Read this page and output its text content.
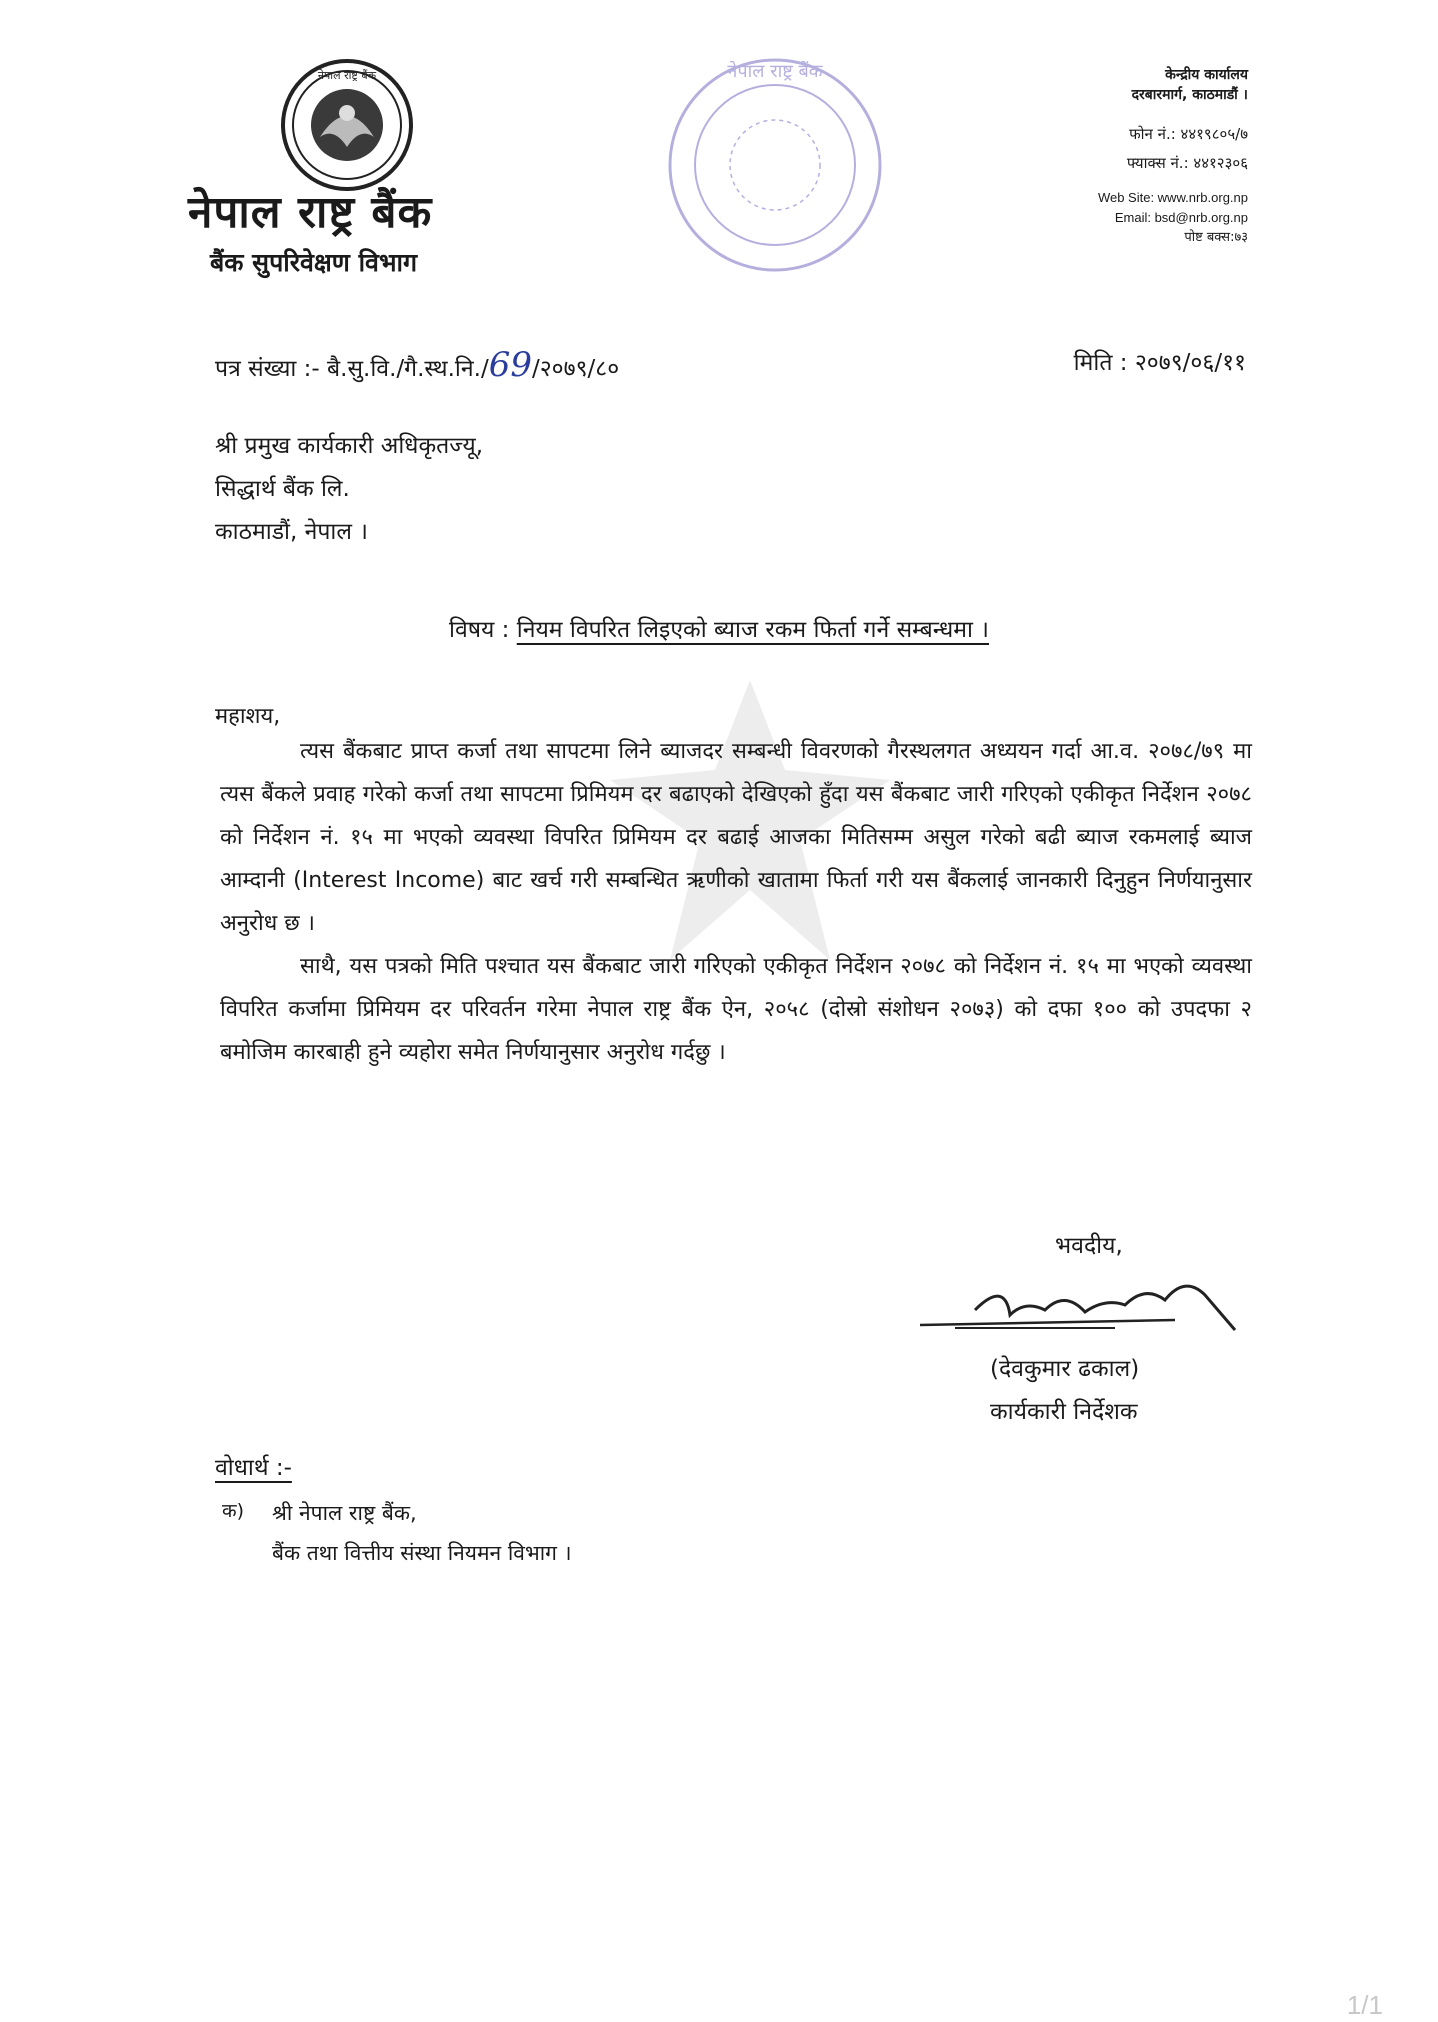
नेपाल राष्ट्र बैंक	नेपाल राष्ट्र बैंक
नेपाल राष्ट्र बैंक
बैंक सुपरिवेक्षण विभाग
केन्द्रीय कार्यालय
दरबारमार्ग, काठमाडौं ।
फोन नं.: ४४१९८०५/७
फ्याक्स नं.: ४४१२३०६
Web Site: www.nrb.org.np
Email: bsd@nrb.org.np
पोष्ट बक्स:७३
पत्र संख्या :- बै.सु.वि./गै.स्थ.नि./69/२०७९/८०	मिति : २०७९/०६/११
श्री प्रमुख कार्यकारी अधिकृतज्यू,
सिद्धार्थ बैंक लि.
काठमाडौं, नेपाल ।
विषय : नियम विपरित लिइएको ब्याज रकम फिर्ता गर्ने सम्बन्धमा ।
महाशय,

त्यस बैंकबाट प्राप्त कर्जा तथा सापटमा लिने ब्याजदर सम्बन्धी विवरणको गैरस्थलगत अध्ययन गर्दा आ.व. २०७८/७९ मा त्यस बैंकले प्रवाह गरेको कर्जा तथा सापटमा प्रिमियम दर बढाएको देखिएको हुँदा यस बैंकबाट जारी गरिएको एकीकृत निर्देशन २०७८ को निर्देशन नं. १५ मा भएको व्यवस्था विपरित प्रिमियम दर बढाई आजका मितिसम्म असुल गरेको बढी ब्याज रकमलाई ब्याज आम्दानी (Interest Income) बाट खर्च गरी सम्बन्धित ऋणीको खातामा फिर्ता गरी यस बैंकलाई जानकारी दिनुहुन निर्णयानुसार अनुरोध छ ।

साथै, यस पत्रको मिति पश्चात यस बैंकबाट जारी गरिएको एकीकृत निर्देशन २०७८ को निर्देशन नं. १५ मा भएको व्यवस्था विपरित कर्जामा प्रिमियम दर परिवर्तन गरेमा नेपाल राष्ट्र बैंक ऐन, २०५८ (दोस्रो संशोधन २०७३) को दफा १०० को उपदफा २ बमोजिम कारबाही हुने व्यहोरा समेत निर्णयानुसार अनुरोध गर्दछु ।

भवदीय,
(देवकुमार ढकाल)
कार्यकारी निर्देशक
वोधार्थ :-
क) श्री नेपाल राष्ट्र बैंक,
बैंक तथा वित्तीय संस्था नियमन विभाग ।
1/1
